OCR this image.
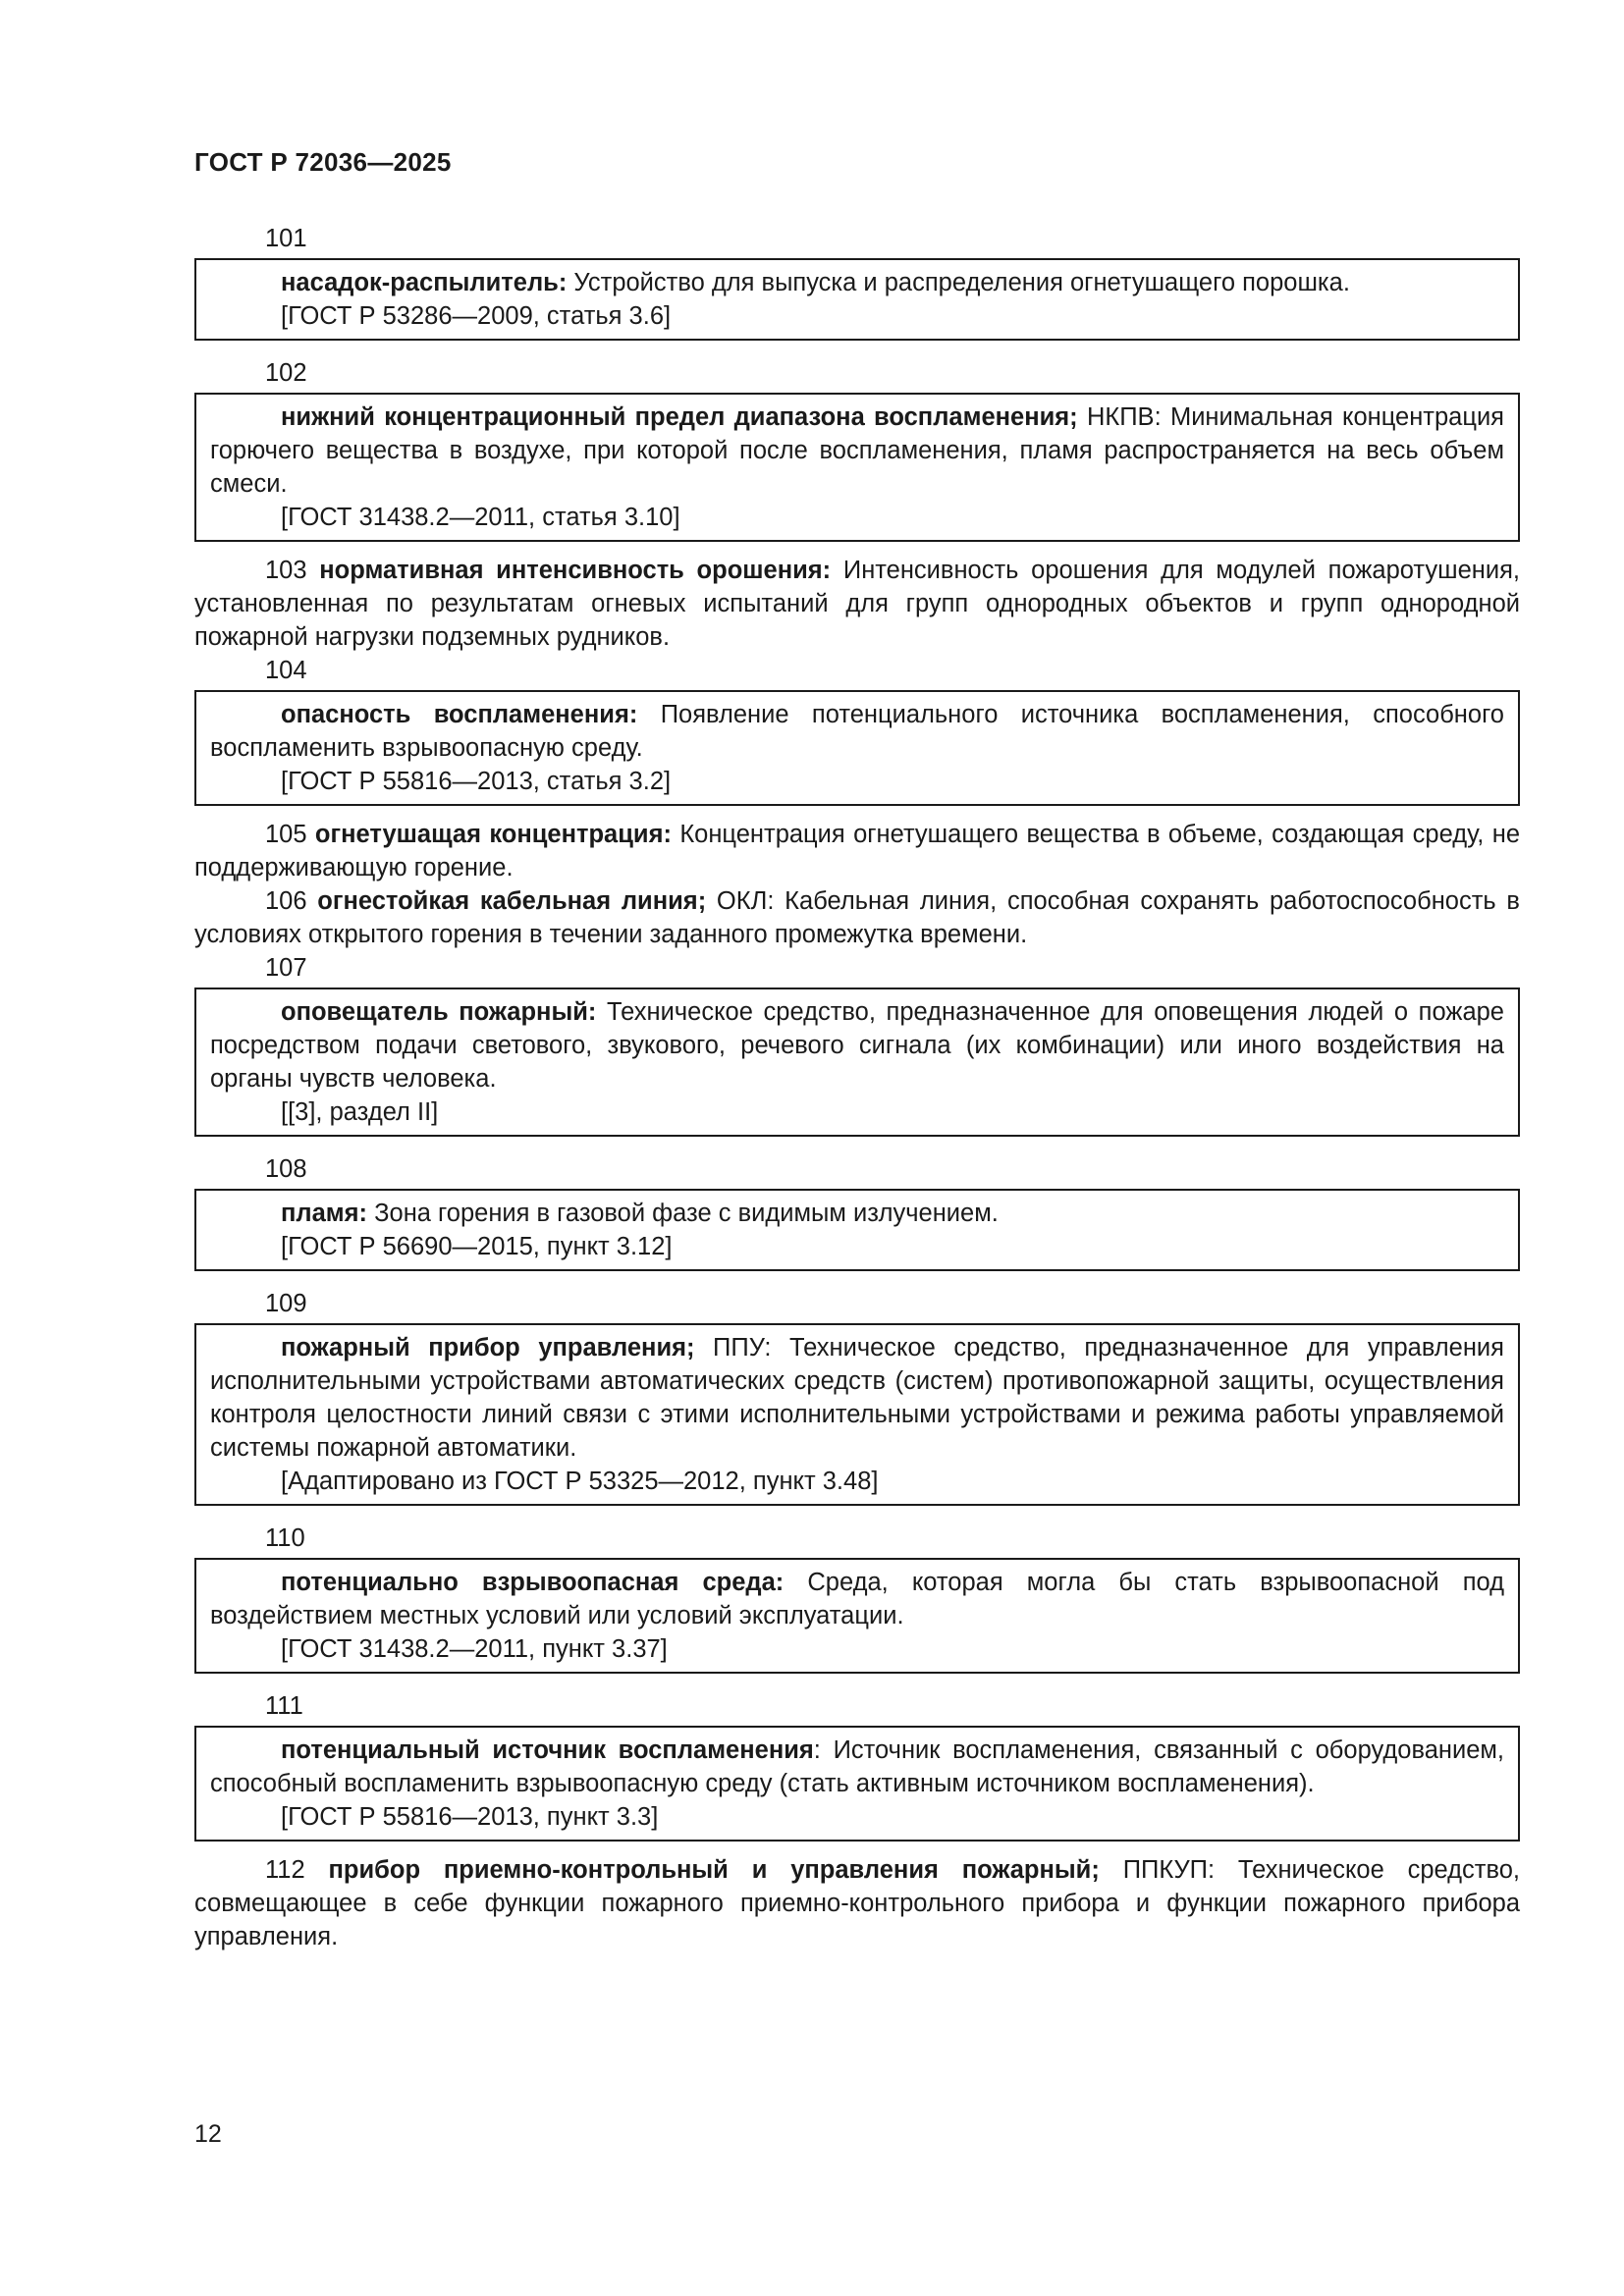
ГОСТ Р 72036—2025
101

насадок-распылитель: Устройство для выпуска и распределения огнетушащего порошка.

[ГОСТ Р 53286—2009, статья 3.6]

102

нижний концентрационный предел диапазона воспламенения; НКПВ: Минимальная концентрация горючего вещества в воздухе, при которой после воспламенения, пламя распространяется на весь объем смеси.

[ГОСТ 31438.2—2011, статья 3.10]

103 нормативная интенсивность орошения: Интенсивность орошения для модулей пожаротушения, установленная по результатам огневых испытаний для групп однородных объектов и групп однородной пожарной нагрузки подземных рудников.

104

опасность воспламенения: Появление потенциального источника воспламенения, способного воспламенить взрывоопасную среду.

[ГОСТ Р 55816—2013, статья 3.2]

105 огнетушащая концентрация: Концентрация огнетушащего вещества в объеме, создающая среду, не поддерживающую горение.

106 огнестойкая кабельная линия; ОКЛ: Кабельная линия, способная сохранять работоспособность в условиях открытого горения в течении заданного промежутка времени.

107

оповещатель пожарный: Техническое средство, предназначенное для оповещения людей о пожаре посредством подачи светового, звукового, речевого сигнала (их комбинации) или иного воздействия на органы чувств человека.

[[3], раздел II]

108

пламя: Зона горения в газовой фазе с видимым излучением.

[ГОСТ Р 56690—2015, пункт 3.12]

109

пожарный прибор управления; ППУ: Техническое средство, предназначенное для управления исполнительными устройствами автоматических средств (систем) противопожарной защиты, осуществления контроля целостности линий связи с этими исполнительными устройствами и режима работы управляемой системы пожарной автоматики.

[Адаптировано из ГОСТ Р 53325—2012, пункт 3.48]

110

потенциально взрывоопасная среда: Среда, которая могла бы стать взрывоопасной под воздействием местных условий или условий эксплуатации.

[ГОСТ 31438.2—2011, пункт 3.37]

111

потенциальный источник воспламенения: Источник воспламенения, связанный с оборудованием, способный воспламенить взрывоопасную среду (стать активным источником воспламенения).

[ГОСТ Р 55816—2013, пункт 3.3]

112 прибор приемно-контрольный и управления пожарный; ППКУП: Техническое средство, совмещающее в себе функции пожарного приемно-контрольного прибора и функции пожарного прибора управления.

12
